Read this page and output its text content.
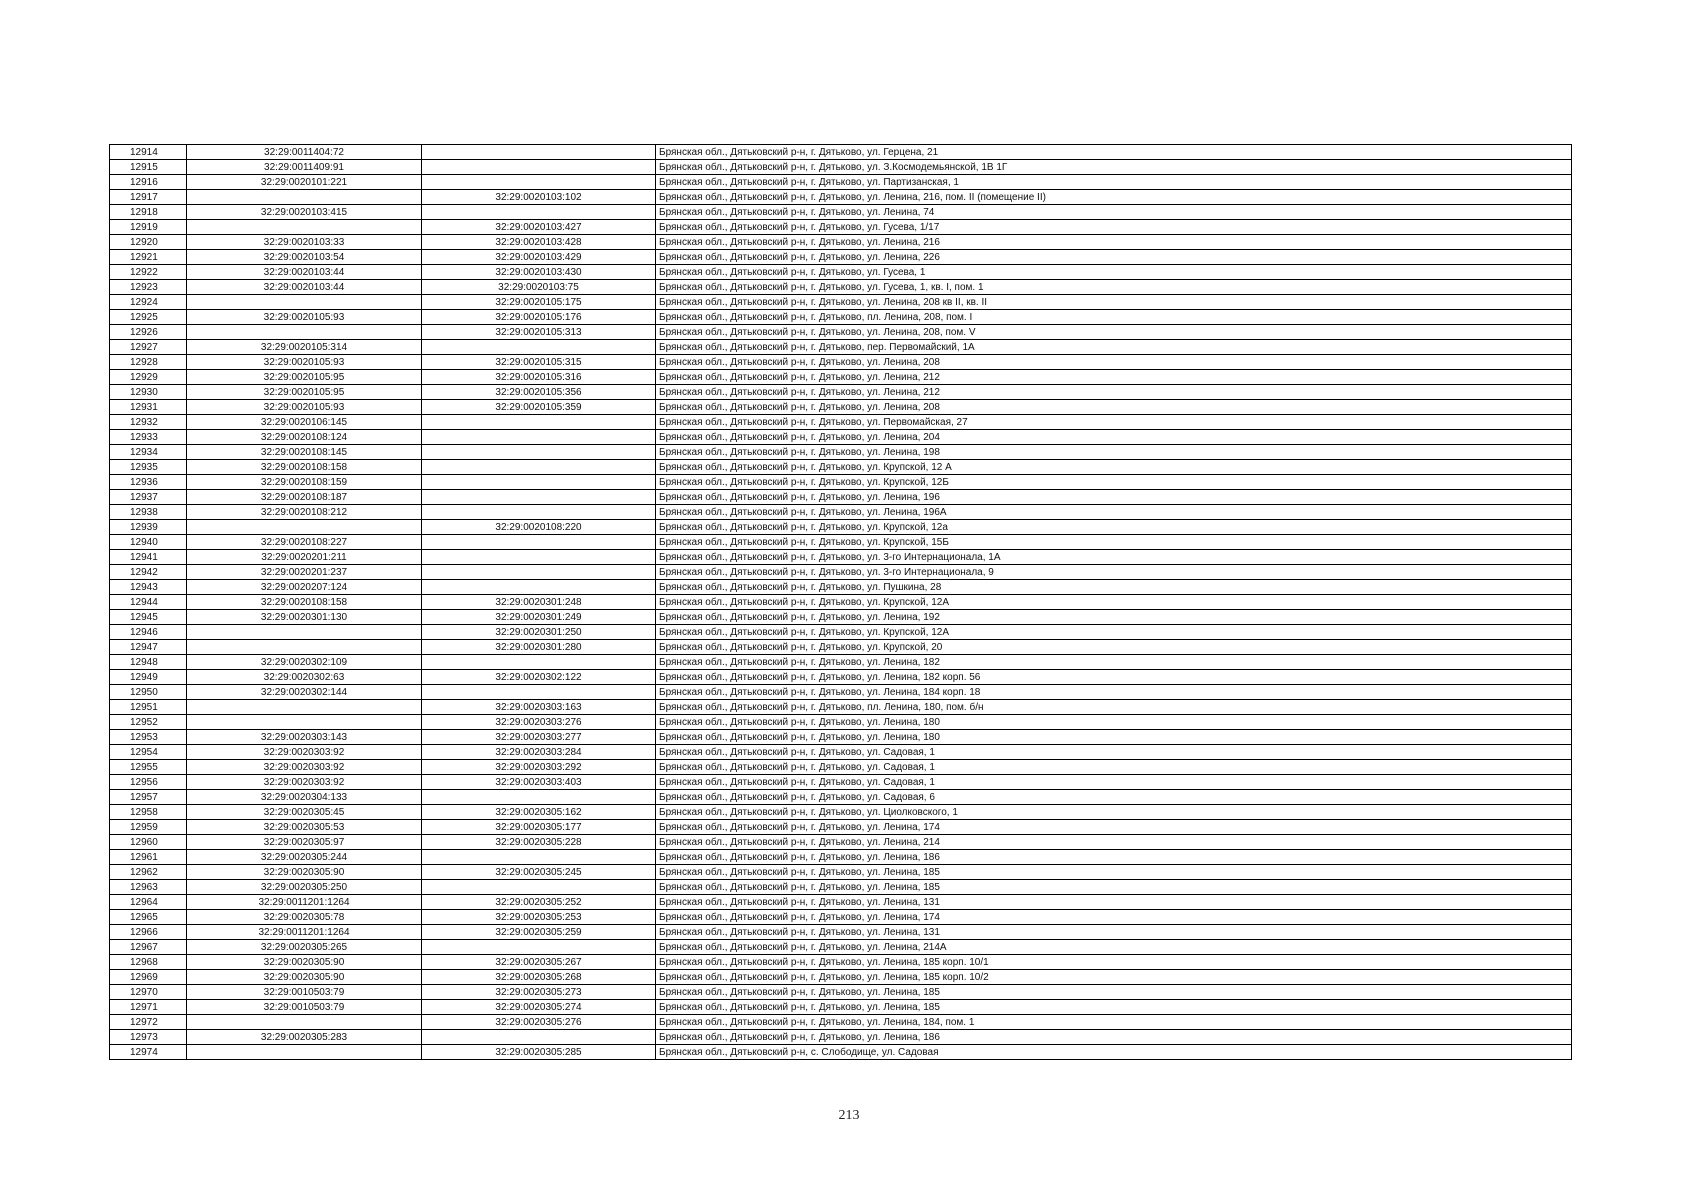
12914	32:29:0011404:72		Брянская обл., Дятьковский р-н, г. Дятьково, ул. Герцена, 21
12915	32:29:0011409:91		Брянская обл., Дятьковский р-н, г. Дятьково, ул. З.Космодемьянской, 1В 1Г
12916	32:29:0020101:221		Брянская обл., Дятьковский р-н, г. Дятьково, ул. Партизанская, 1
12917		32:29:0020103:102	Брянская обл., Дятьковский р-н, г. Дятьково, ул. Ленина, 216, пом. II (помещение II)
12918	32:29:0020103:415		Брянская обл., Дятьковский р-н, г. Дятьково, ул. Ленина, 74
12919		32:29:0020103:427	Брянская обл., Дятьковский р-н, г. Дятьково, ул. Гусева, 1/17
12920	32:29:0020103:33	32:29:0020103:428	Брянская обл., Дятьковский р-н, г. Дятьково, ул. Ленина, 216
12921	32:29:0020103:54	32:29:0020103:429	Брянская обл., Дятьковский р-н, г. Дятьково, ул. Ленина, 226
12922	32:29:0020103:44	32:29:0020103:430	Брянская обл., Дятьковский р-н, г. Дятьково, ул. Гусева, 1
12923	32:29:0020103:44	32:29:0020103:75	Брянская обл., Дятьковский р-н, г. Дятьково, ул. Гусева, 1, кв. I, пом. 1
12924		32:29:0020105:175	Брянская обл., Дятьковский р-н, г. Дятьково, ул. Ленина, 208 кв II, кв. II
12925	32:29:0020105:93	32:29:0020105:176	Брянская обл., Дятьковский р-н, г. Дятьково, пл. Ленина, 208, пом. I
12926		32:29:0020105:313	Брянская обл., Дятьковский р-н, г. Дятьково, ул. Ленина, 208, пом. V
12927	32:29:0020105:314		Брянская обл., Дятьковский р-н, г. Дятьково, пер. Первомайский, 1А
12928	32:29:0020105:93	32:29:0020105:315	Брянская обл., Дятьковский р-н, г. Дятьково, ул. Ленина, 208
12929	32:29:0020105:95	32:29:0020105:316	Брянская обл., Дятьковский р-н, г. Дятьково, ул. Ленина, 212
12930	32:29:0020105:95	32:29:0020105:356	Брянская обл., Дятьковский р-н, г. Дятьково, ул. Ленина, 212
12931	32:29:0020105:93	32:29:0020105:359	Брянская обл., Дятьковский р-н, г. Дятьково, ул. Ленина, 208
12932	32:29:0020106:145		Брянская обл., Дятьковский р-н, г. Дятьково, ул. Первомайская, 27
12933	32:29:0020108:124		Брянская обл., Дятьковский р-н, г. Дятьково, ул. Ленина, 204
12934	32:29:0020108:145		Брянская обл., Дятьковский р-н, г. Дятьково, ул. Ленина, 198
12935	32:29:0020108:158		Брянская обл., Дятьковский р-н, г. Дятьково, ул. Крупской, 12 А
12936	32:29:0020108:159		Брянская обл., Дятьковский р-н, г. Дятьково, ул. Крупской, 12Б
12937	32:29:0020108:187		Брянская обл., Дятьковский р-н, г. Дятьково, ул. Ленина, 196
12938	32:29:0020108:212		Брянская обл., Дятьковский р-н, г. Дятьково, ул. Ленина, 196А
12939		32:29:0020108:220	Брянская обл., Дятьковский р-н, г. Дятьково, ул. Крупской, 12а
12940	32:29:0020108:227		Брянская обл., Дятьковский р-н, г. Дятьково, ул. Крупской, 15Б
12941	32:29:0020201:211		Брянская обл., Дятьковский р-н, г. Дятьково, ул. 3-го Интернационала, 1А
12942	32:29:0020201:237		Брянская обл., Дятьковский р-н, г. Дятьково, ул. 3-го Интернационала, 9
12943	32:29:0020207:124		Брянская обл., Дятьковский р-н, г. Дятьково, ул. Пушкина, 28
12944	32:29:0020108:158	32:29:0020301:248	Брянская обл., Дятьковский р-н, г. Дятьково, ул. Крупской, 12А
12945	32:29:0020301:130	32:29:0020301:249	Брянская обл., Дятьковский р-н, г. Дятьково, ул. Ленина, 192
12946		32:29:0020301:250	Брянская обл., Дятьковский р-н, г. Дятьково, ул. Крупской, 12А
12947		32:29:0020301:280	Брянская обл., Дятьковский р-н, г. Дятьково, ул. Крупской, 20
12948	32:29:0020302:109		Брянская обл., Дятьковский р-н, г. Дятьково, ул. Ленина, 182
12949	32:29:0020302:63	32:29:0020302:122	Брянская обл., Дятьковский р-н, г. Дятьково, ул. Ленина, 182 корп. 56
12950	32:29:0020302:144		Брянская обл., Дятьковский р-н, г. Дятьково, ул. Ленина, 184 корп. 18
12951		32:29:0020303:163	Брянская обл., Дятьковский р-н, г. Дятьково, пл. Ленина, 180, пом. б/н
12952		32:29:0020303:276	Брянская обл., Дятьковский р-н, г. Дятьково, ул. Ленина, 180
12953	32:29:0020303:143	32:29:0020303:277	Брянская обл., Дятьковский р-н, г. Дятьково, ул. Ленина, 180
12954	32:29:0020303:92	32:29:0020303:284	Брянская обл., Дятьковский р-н, г. Дятьково, ул. Садовая, 1
12955	32:29:0020303:92	32:29:0020303:292	Брянская обл., Дятьковский р-н, г. Дятьково, ул. Садовая, 1
12956	32:29:0020303:92	32:29:0020303:403	Брянская обл., Дятьковский р-н, г. Дятьково, ул. Садовая, 1
12957	32:29:0020304:133		Брянская обл., Дятьковский р-н, г. Дятьково, ул. Садовая, 6
12958	32:29:0020305:45	32:29:0020305:162	Брянская обл., Дятьковский р-н, г. Дятьково, ул. Циолковского, 1
12959	32:29:0020305:53	32:29:0020305:177	Брянская обл., Дятьковский р-н, г. Дятьково, ул. Ленина, 174
12960	32:29:0020305:97	32:29:0020305:228	Брянская обл., Дятьковский р-н, г. Дятьково, ул. Ленина, 214
12961	32:29:0020305:244		Брянская обл., Дятьковский р-н, г. Дятьково, ул. Ленина, 186
12962	32:29:0020305:90	32:29:0020305:245	Брянская обл., Дятьковский р-н, г. Дятьково, ул. Ленина, 185
12963	32:29:0020305:250		Брянская обл., Дятьковский р-н, г. Дятьково, ул. Ленина, 185
12964	32:29:0011201:1264	32:29:0020305:252	Брянская обл., Дятьковский р-н, г. Дятьково, ул. Ленина, 131
12965	32:29:0020305:78	32:29:0020305:253	Брянская обл., Дятьковский р-н, г. Дятьково, ул. Ленина, 174
12966	32:29:0011201:1264	32:29:0020305:259	Брянская обл., Дятьковский р-н, г. Дятьково, ул. Ленина, 131
12967	32:29:0020305:265		Брянская обл., Дятьковский р-н, г. Дятьково, ул. Ленина, 214А
12968	32:29:0020305:90	32:29:0020305:267	Брянская обл., Дятьковский р-н, г. Дятьково, ул. Ленина, 185 корп. 10/1
12969	32:29:0020305:90	32:29:0020305:268	Брянская обл., Дятьковский р-н, г. Дятьково, ул. Ленина, 185 корп. 10/2
12970	32:29:0010503:79	32:29:0020305:273	Брянская обл., Дятьковский р-н, г. Дятьково, ул. Ленина, 185
12971	32:29:0010503:79	32:29:0020305:274	Брянская обл., Дятьковский р-н, г. Дятьково, ул. Ленина, 185
12972		32:29:0020305:276	Брянская обл., Дятьковский р-н, г. Дятьково, ул. Ленина, 184, пом. 1
12973	32:29:0020305:283		Брянская обл., Дятьковский р-н, г. Дятьково, ул. Ленина, 186
12974		32:29:0020305:285	Брянская обл., Дятьковский р-н, с. Слободище, ул. Садовая
213
